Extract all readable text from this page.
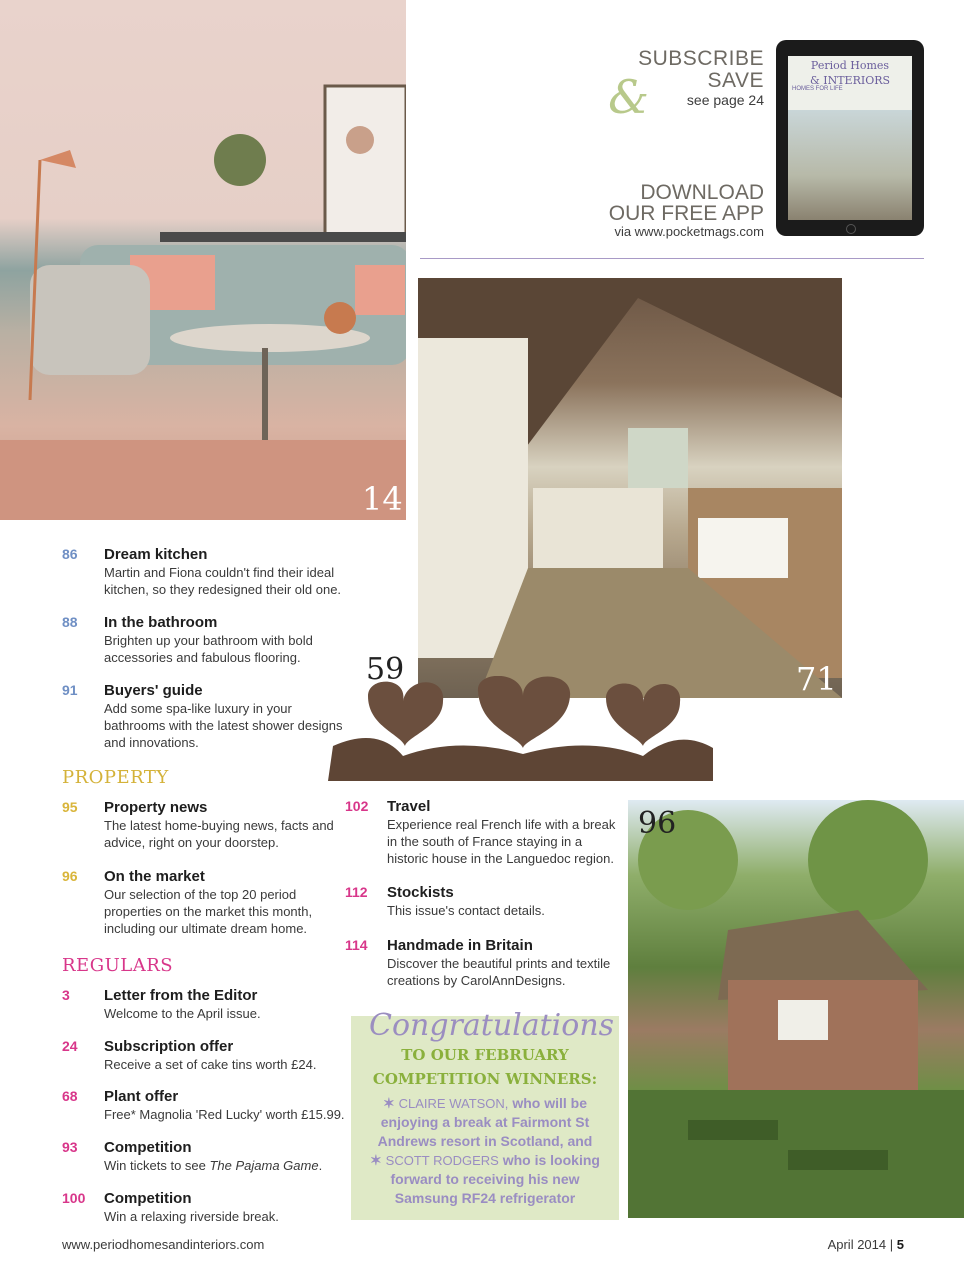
14
SUBSCRIBE
&	SAVE
see page 24
DOWNLOAD
OUR FREE APP
via www.pocketmags.com
Period Homes
& INTERIORS
HOMES FOR LIFE
71
59
96
86 Dream kitchen
Martin and Fiona couldn't find their ideal kitchen, so they redesigned their old one.
88 In the bathroom
Brighten up your bathroom with bold accessories and fabulous flooring.
91 Buyers' guide
Add some spa-like luxury in your bathrooms with the latest shower designs and innovations.
PROPERTY
95 Property news
The latest home-buying news, facts and advice, right on your doorstep.
96 On the market
Our selection of the top 20 period properties on the market this month, including our ultimate dream home.
REGULARS
3 Letter from the Editor
Welcome to the April issue.
24 Subscription offer
Receive a set of cake tins worth £24.
68 Plant offer
Free* Magnolia 'Red Lucky' worth £15.99.
93 Competition
Win tickets to see The Pajama Game.
100 Competition
Win a relaxing riverside break.
102 Travel
Experience real French life with a break in the south of France staying in a historic house in the Languedoc region.
112 Stockists
This issue's contact details.
114 Handmade in Britain
Discover the beautiful prints and textile creations by CarolAnnDesigns.
Congratulations
TO OUR FEBRUARY
COMPETITION WINNERS:
✶ CLAIRE WATSON, who will be enjoying a break at Fairmont St Andrews resort in Scotland, and
✶ SCOTT RODGERS who is looking forward to receiving his new Samsung RF24 refrigerator
www.periodhomesandinteriors.com	April 2014 | 5
